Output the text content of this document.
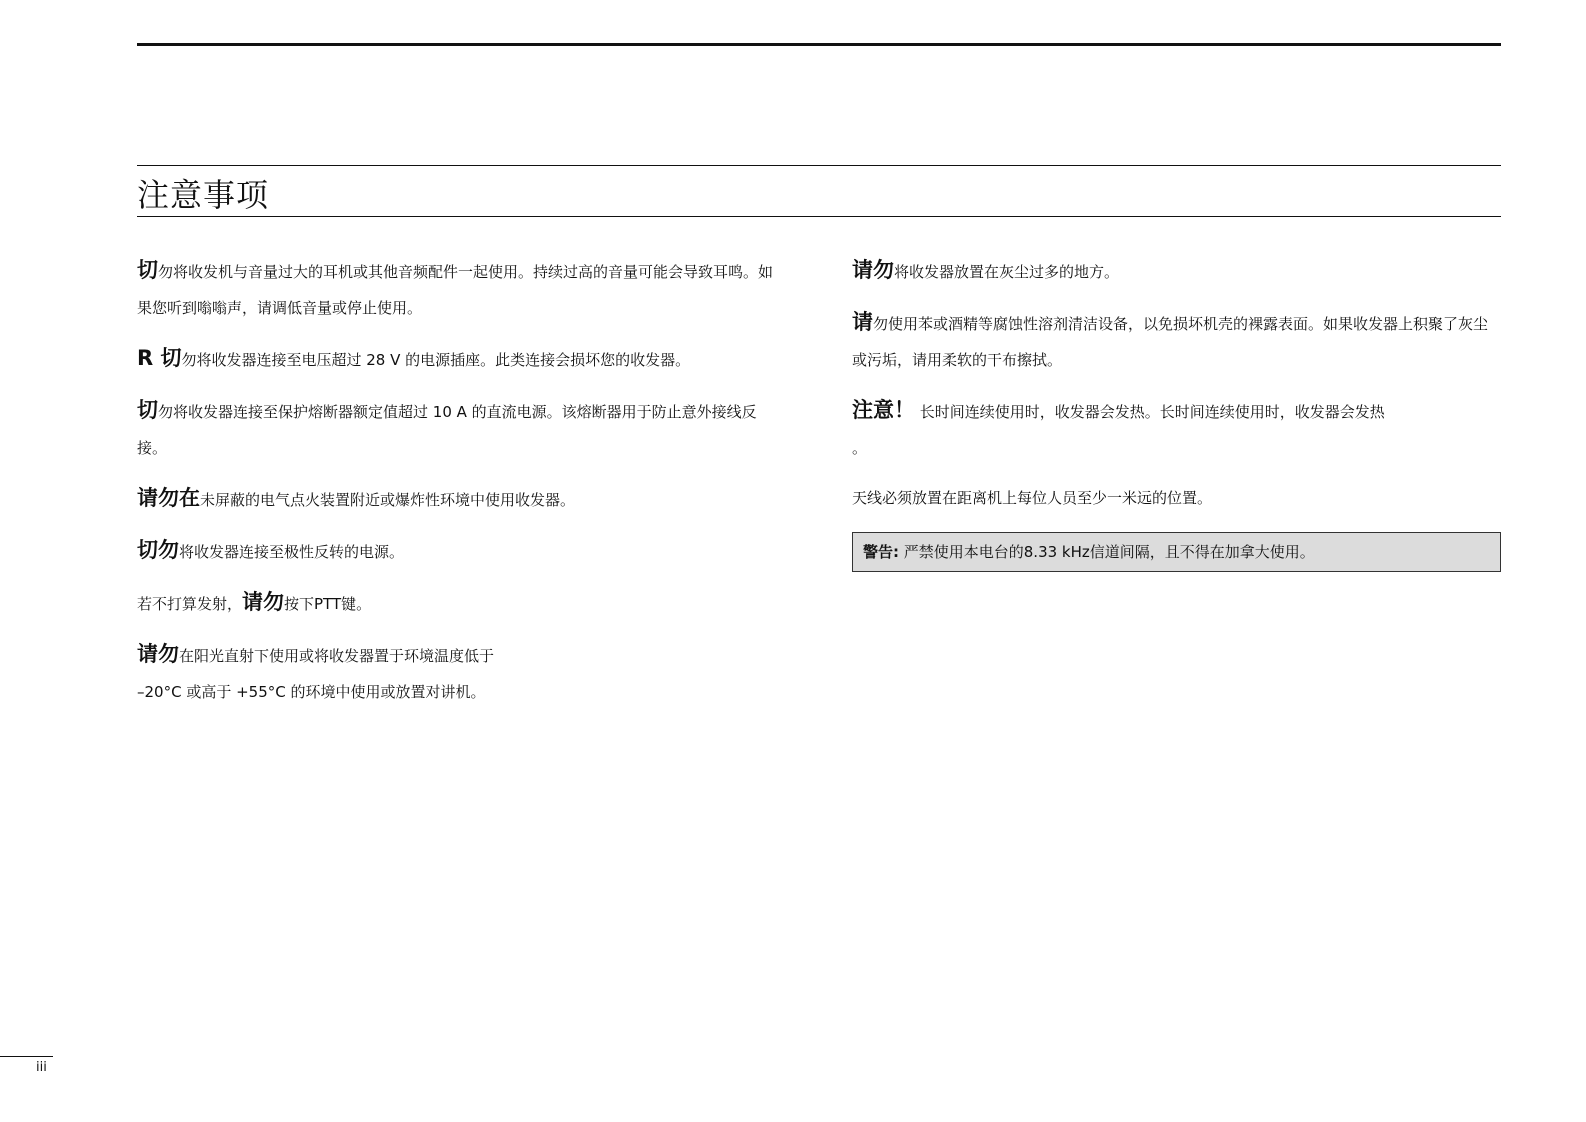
注意事项

切勿将收发机与音量过大的耳机或其他音频配件一起使用。持续过高的音量可能会导致耳鸣。如果您听到嗡嗡声，请调低音量或停止使用。

R 切勿将收发器连接至电压超过 28 V 的电源插座。此类连接会损坏您的收发器。

切勿将收发器连接至保护熔断器额定值超过 10 A 的直流电源。该熔断器用于防止意外接线反接。

请勿在未屏蔽的电气点火装置附近或爆炸性环境中使用收发器。

切勿将收发器连接至极性反转的电源。

若不打算发射，请勿按下PTT键。

请勿在阳光直射下使用或将收发器置于环境温度低于
–20°C 或高于 +55°C 的环境中使用或放置对讲机。

请勿将收发器放置在灰尘过多的地方。

请勿使用苯或酒精等腐蚀性溶剂清洁设备，以免损坏机壳的裸露表面。如果收发器上积聚了灰尘或污垢，请用柔软的干布擦拭。

注意！ 长时间连续使用时，收发器会发热。长时间连续使用时，收发器会发热
。

天线必须放置在距离机上每位人员至少一米远的位置。

警告: 严禁使用本电台的8.33 kHz信道间隔，且不得在加拿大使用。
iii
